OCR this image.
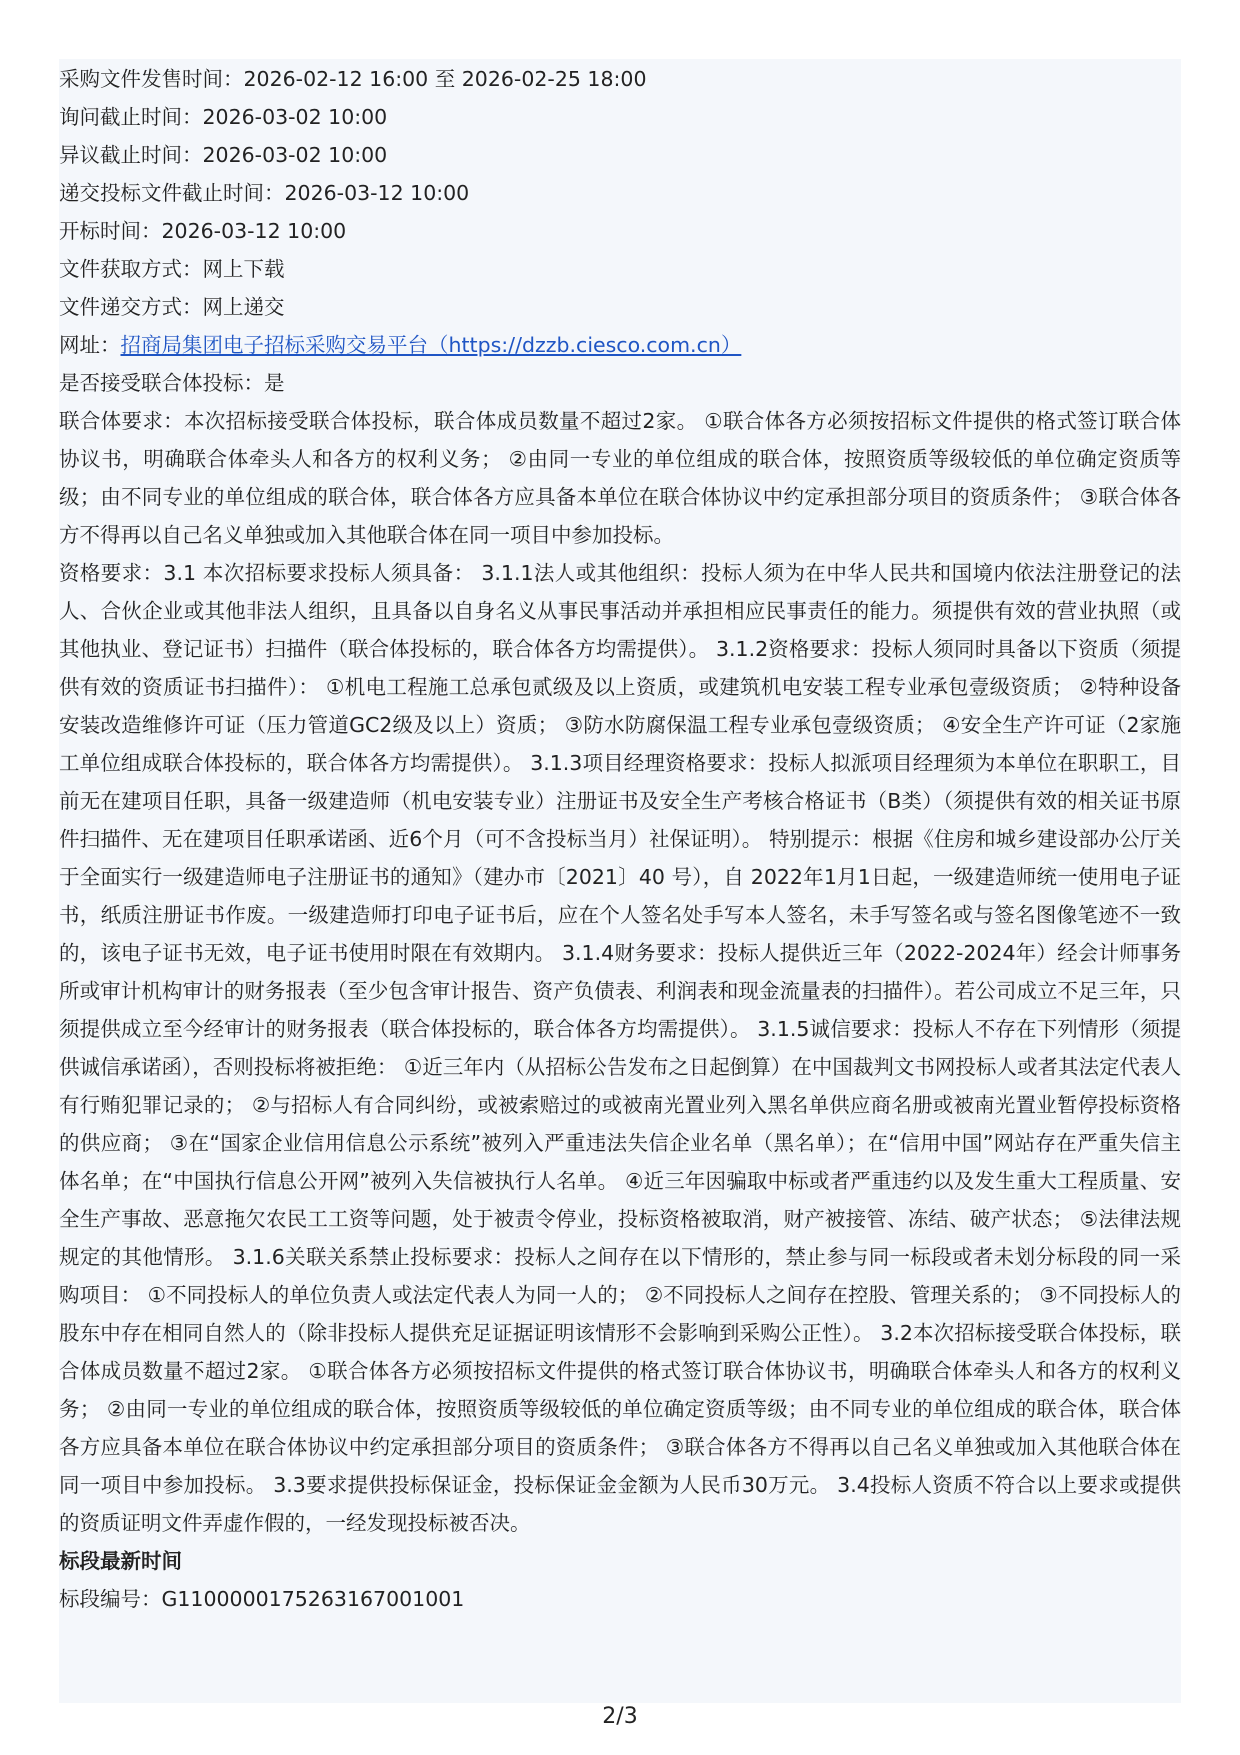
采购文件发售时间：2026-02-12 16:00 至 2026-02-25 18:00
询问截止时间：2026-03-02 10:00
异议截止时间：2026-03-02 10:00
递交投标文件截止时间：2026-03-12 10:00
开标时间：2026-03-12 10:00
文件获取方式：网上下载
文件递交方式：网上递交
网址：招商局集团电子招标采购交易平台（https://dzzb.ciesco.com.cn）
是否接受联合体投标：是
联合体要求：本次招标接受联合体投标，联合体成员数量不超过2家。 ①联合体各方必须按招标文件提供的格式签订联合体协议书，明确联合体牵头人和各方的权利义务； ②由同一专业的单位组成的联合体，按照资质等级较低的单位确定资质等级；由不同专业的单位组成的联合体，联合体各方应具备本单位在联合体协议中约定承担部分项目的资质条件； ③联合体各方不得再以自己名义单独或加入其他联合体在同一项目中参加投标。
资格要求：3.1 本次招标要求投标人须具备： 3.1.1法人或其他组织：投标人须为在中华人民共和国境内依法注册登记的法人、合伙企业或其他非法人组织，且具备以自身名义从事民事活动并承担相应民事责任的能力。须提供有效的营业执照（或其他执业、登记证书）扫描件（联合体投标的，联合体各方均需提供）。 3.1.2资格要求：投标人须同时具备以下资质（须提供有效的资质证书扫描件）： ①机电工程施工总承包贰级及以上资质，或建筑机电安装工程专业承包壹级资质； ②特种设备安装改造维修许可证（压力管道GC2级及以上）资质； ③防水防腐保温工程专业承包壹级资质； ④安全生产许可证（2家施工单位组成联合体投标的，联合体各方均需提供）。 3.1.3项目经理资格要求：投标人拟派项目经理须为本单位在职职工，目前无在建项目任职，具备一级建造师（机电安装专业）注册证书及安全生产考核合格证书（B类）（须提供有效的相关证书原件扫描件、无在建项目任职承诺函、近6个月（可不含投标当月）社保证明）。 特别提示：根据《住房和城乡建设部办公厅关于全面实行一级建造师电子注册证书的通知》（建办市〔2021〕40 号），自 2022年1月1日起，一级建造师统一使用电子证书，纸质注册证书作废。一级建造师打印电子证书后，应在个人签名处手写本人签名，未手写签名或与签名图像笔迹不一致的，该电子证书无效，电子证书使用时限在有效期内。 3.1.4财务要求：投标人提供近三年（2022-2024年）经会计师事务所或审计机构审计的财务报表（至少包含审计报告、资产负债表、利润表和现金流量表的扫描件）。若公司成立不足三年，只须提供成立至今经审计的财务报表（联合体投标的，联合体各方均需提供）。 3.1.5诚信要求：投标人不存在下列情形（须提供诚信承诺函），否则投标将被拒绝： ①近三年内（从招标公告发布之日起倒算）在中国裁判文书网投标人或者其法定代表人有行贿犯罪记录的； ②与招标人有合同纠纷，或被索赔过的或被南光置业列入黑名单供应商名册或被南光置业暂停投标资格的供应商； ③在“国家企业信用信息公示系统”被列入严重违法失信企业名单（黑名单）；在“信用中国”网站存在严重失信主体名单；在“中国执行信息公开网”被列入失信被执行人名单。 ④近三年因骗取中标或者严重违约以及发生重大工程质量、安全生产事故、恶意拖欠农民工工资等问题，处于被责令停业，投标资格被取消，财产被接管、冻结、破产状态； ⑤法律法规规定的其他情形。 3.1.6关联关系禁止投标要求：投标人之间存在以下情形的，禁止参与同一标段或者未划分标段的同一采购项目： ①不同投标人的单位负责人或法定代表人为同一人的； ②不同投标人之间存在控股、管理关系的； ③不同投标人的股东中存在相同自然人的（除非投标人提供充足证据证明该情形不会影响到采购公正性）。 3.2本次招标接受联合体投标，联合体成员数量不超过2家。 ①联合体各方必须按招标文件提供的格式签订联合体协议书，明确联合体牵头人和各方的权利义务； ②由同一专业的单位组成的联合体，按照资质等级较低的单位确定资质等级；由不同专业的单位组成的联合体，联合体各方应具备本单位在联合体协议中约定承担部分项目的资质条件； ③联合体各方不得再以自己名义单独或加入其他联合体在同一项目中参加投标。 3.3要求提供投标保证金，投标保证金金额为人民币30万元。 3.4投标人资质不符合以上要求或提供的资质证明文件弄虚作假的，一经发现投标被否决。
标段最新时间
标段编号：G1100000175263167001001
2/3
